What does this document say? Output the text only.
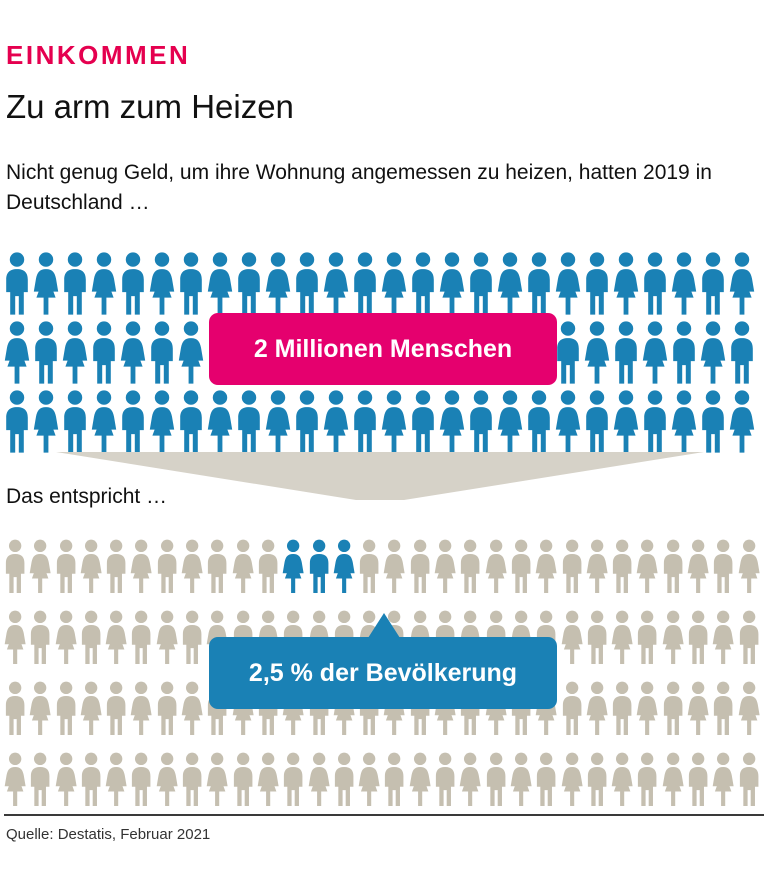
EINKOMMEN
Zu arm zum Heizen
Nicht genug Geld, um ihre Wohnung angemessen zu heizen, hatten 2019 in Deutschland …
2 Millionen Menschen
Das entspricht …
2,5 % der Bevölkerung
Quelle: Destatis, Februar 2021
